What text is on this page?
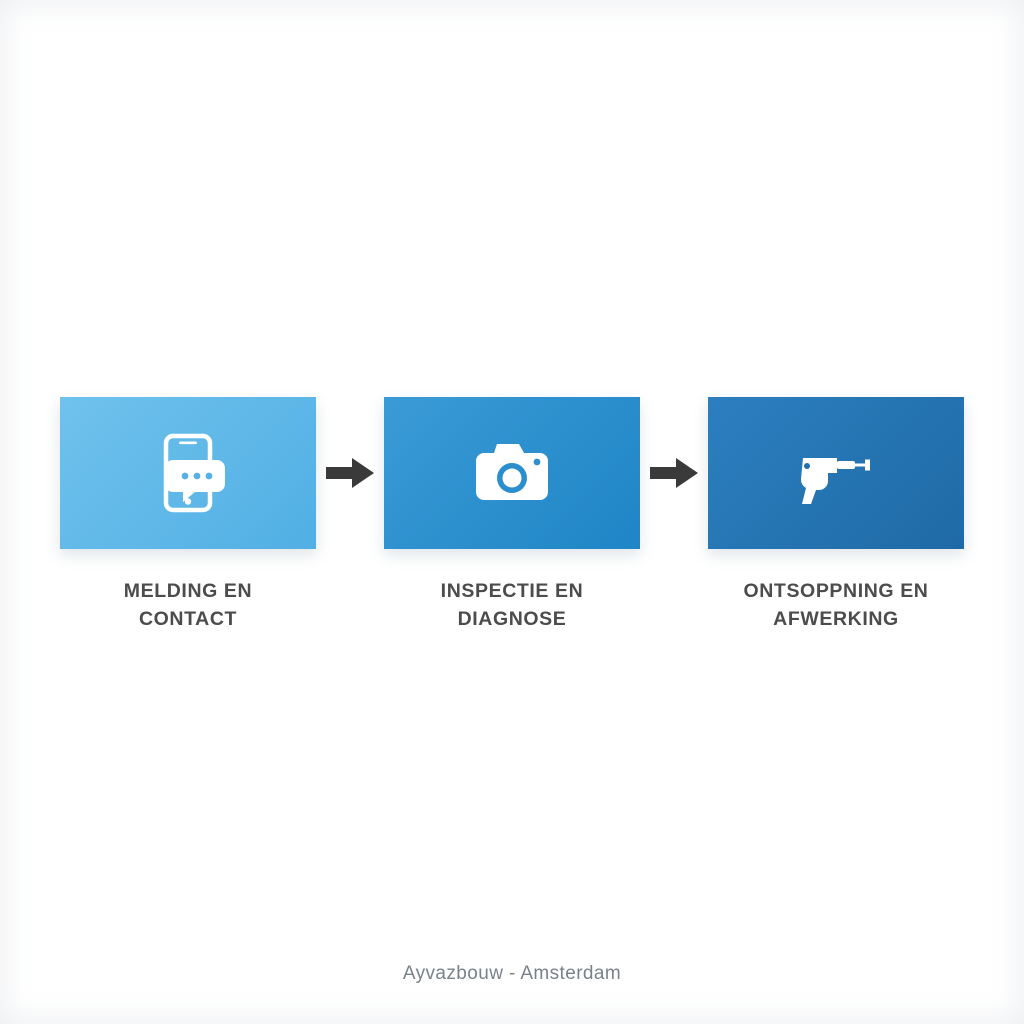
MELDING EN
CONTACT
INSPECTIE EN
DIAGNOSE
ONTSOPPNING EN
AFWERKING
Ayvazbouw - Amsterdam
